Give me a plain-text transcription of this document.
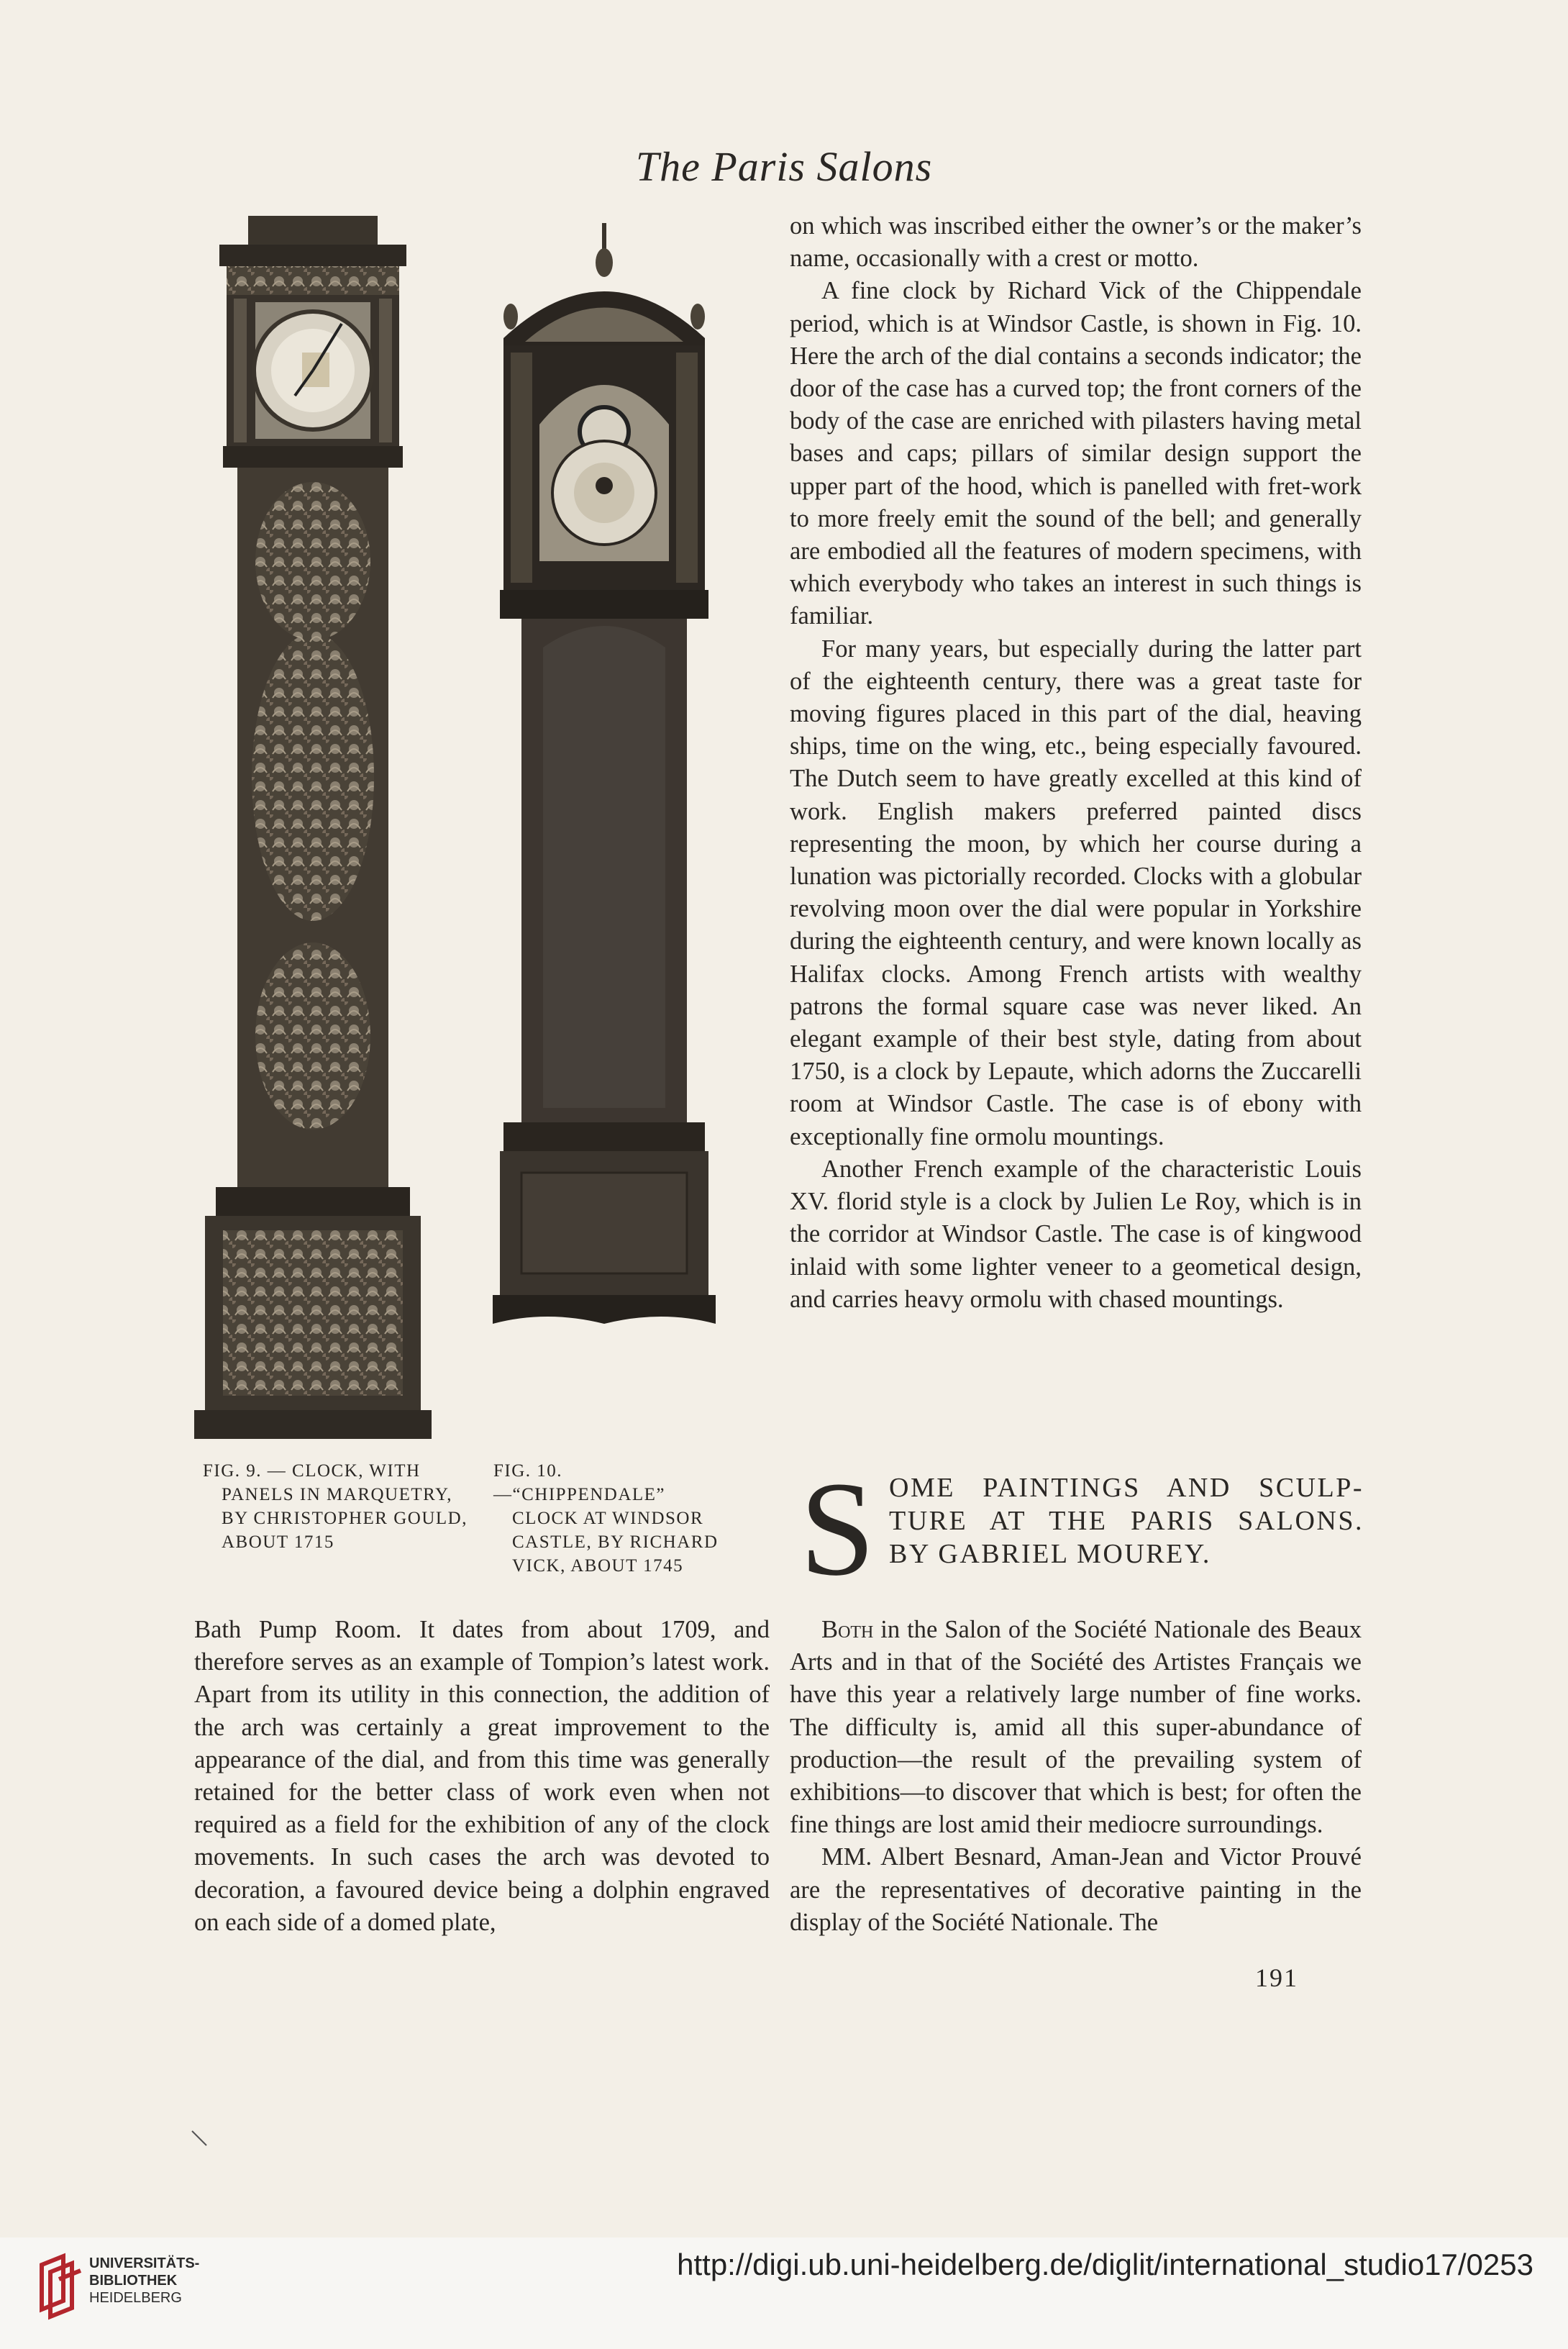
The Paris Salons
FIG. 9. — CLOCK, WITH
PANELS IN MARQUETRY,
BY CHRISTOPHER GOULD,
ABOUT 1715
FIG. 10.—“CHIPPENDALE”
CLOCK AT WINDSOR
CASTLE, BY RICHARD
VICK, ABOUT 1745

on which was inscribed either the owner’s or the maker’s name, occasionally with a crest or motto.

A fine clock by Richard Vick of the Chippendale period, which is at Windsor Castle, is shown in Fig. 10. Here the arch of the dial contains a seconds indicator; the door of the case has a curved top; the front corners of the body of the case are enriched with pilasters having metal bases and caps; pillars of similar design support the upper part of the hood, which is panelled with fret-work to more freely emit the sound of the bell; and generally are embodied all the features of modern specimens, with which everybody who takes an interest in such things is familiar.

For many years, but especially during the latter part of the eighteenth century, there was a great taste for moving figures placed in this part of the dial, heaving ships, time on the wing, etc., being especially favoured. The Dutch seem to have greatly excelled at this kind of work. English makers preferred painted discs representing the moon, by which her course during a lunation was pictorially recorded. Clocks with a globular revolving moon over the dial were popular in Yorkshire during the eighteenth century, and were known locally as Halifax clocks. Among French artists with wealthy patrons the formal square case was never liked. An elegant example of their best style, dating from about 1750, is a clock by Lepaute, which adorns the Zuccarelli room at Windsor Castle. The case is of ebony with exceptionally fine ormolu mountings.

Another French example of the characteristic Louis XV. florid style is a clock by Julien Le Roy, which is in the corridor at Windsor Castle. The case is of kingwood inlaid with some lighter veneer to a geometical design, and carries heavy ormolu with chased mountings.

S OME PAINTINGS AND SCULP-
TURE AT THE PARIS SALONS.
BY GABRIEL MOUREY.

Bath Pump Room. It dates from about 1709, and therefore serves as an example of Tompion’s latest work. Apart from its utility in this connection, the addition of the arch was certainly a great improvement to the appearance of the dial, and from this time was generally retained for the better class of work even when not required as a field for the exhibition of any of the clock movements. In such cases the arch was devoted to decoration, a favoured device being a dolphin engraved on each side of a domed plate,

Both in the Salon of the Société Nationale des Beaux Arts and in that of the Société des Artistes Français we have this year a relatively large number of fine works. The difficulty is, amid all this super-abundance of production—the result of the prevailing system of exhibitions—to discover that which is best; for often the fine things are lost amid their mediocre surroundings.

MM. Albert Besnard, Aman-Jean and Victor Prouvé are the representatives of decorative painting in the display of the Société Nationale. The

191
UNIVERSITÄTS-
BIBLIOTHEK
HEIDELBERG
http://digi.ub.uni-heidelberg.de/diglit/international_studio17/0253
